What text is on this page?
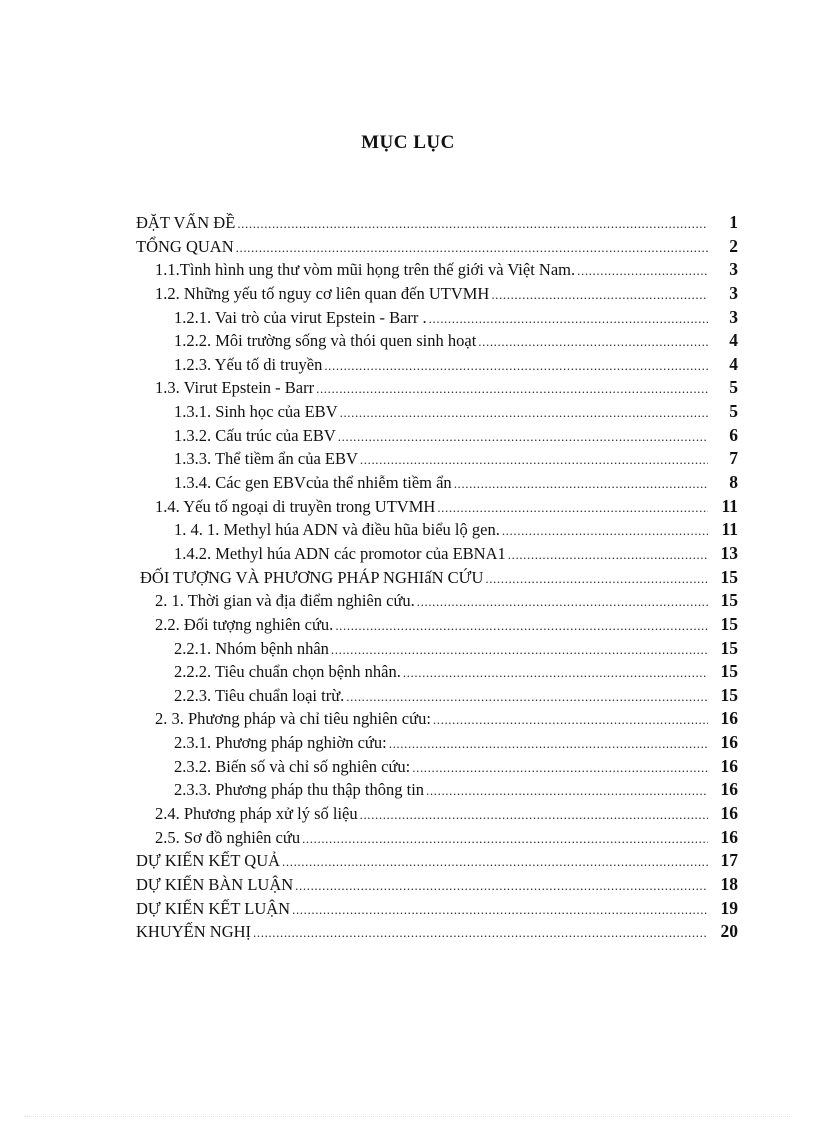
MỤC LỤC
ĐẶT VẤN ĐỀ .....	1
TỔNG QUAN .....	2
1.1.Tình hình ung thư vòm mũi họng trên thế giới và Việt Nam. .....	3
1.2. Những yếu tố nguy cơ liên quan đến UTVMH .....	3
1.2.1. Vai trò của virut Epstein - Barr . .....	3
1.2.2. Môi trường sống và thói quen sinh hoạt .....	4
1.2.3. Yếu tố di truyền .....	4
1.3. Virut Epstein - Barr .....	5
1.3.1. Sinh học của EBV .....	5
1.3.2. Cấu trúc của EBV .....	6
1.3.3. Thể tiềm ẩn của EBV .....	7
1.3.4. Các gen EBVcủa thể nhiễm tiềm ẩn .....	8
1.4. Yếu tố ngoại di truyền trong UTVMH .....	11
1. 4. 1. Methyl húa ADN và điều hũa biểu lộ gen. .....	11
1.4.2. Methyl húa ADN các promotor của EBNA1 .....	13
ĐỐI TƯỢNG VÀ PHƯƠNG PHÁP NGHIấN CỨU .....	15
2. 1. Thời gian và địa điểm nghiên cứu. .....	15
2.2. Đối tượng nghiên cứu. .....	15
2.2.1. Nhóm bệnh nhân .....	15
2.2.2. Tiêu chuẩn chọn bệnh nhân. .....	15
2.2.3. Tiêu chuẩn loại trừ. .....	15
2. 3. Phương pháp và chỉ tiêu nghiên cứu: .....	16
2.3.1. Phương pháp nghiờn cứu: .....	16
2.3.2. Biến số và chỉ số nghiên cứu: .....	16
2.3.3. Phương pháp thu thập thông tin .....	16
2.4. Phương pháp xử lý số liệu .....	16
2.5. Sơ đồ nghiên cứu .....	16
DỰ KIẾN KẾT QUẢ .....	17
DỰ KIẾN BÀN LUẬN .....	18
DỰ KIẾN KẾT LUẬN .....	19
KHUYẾN NGHỊ .....	20
